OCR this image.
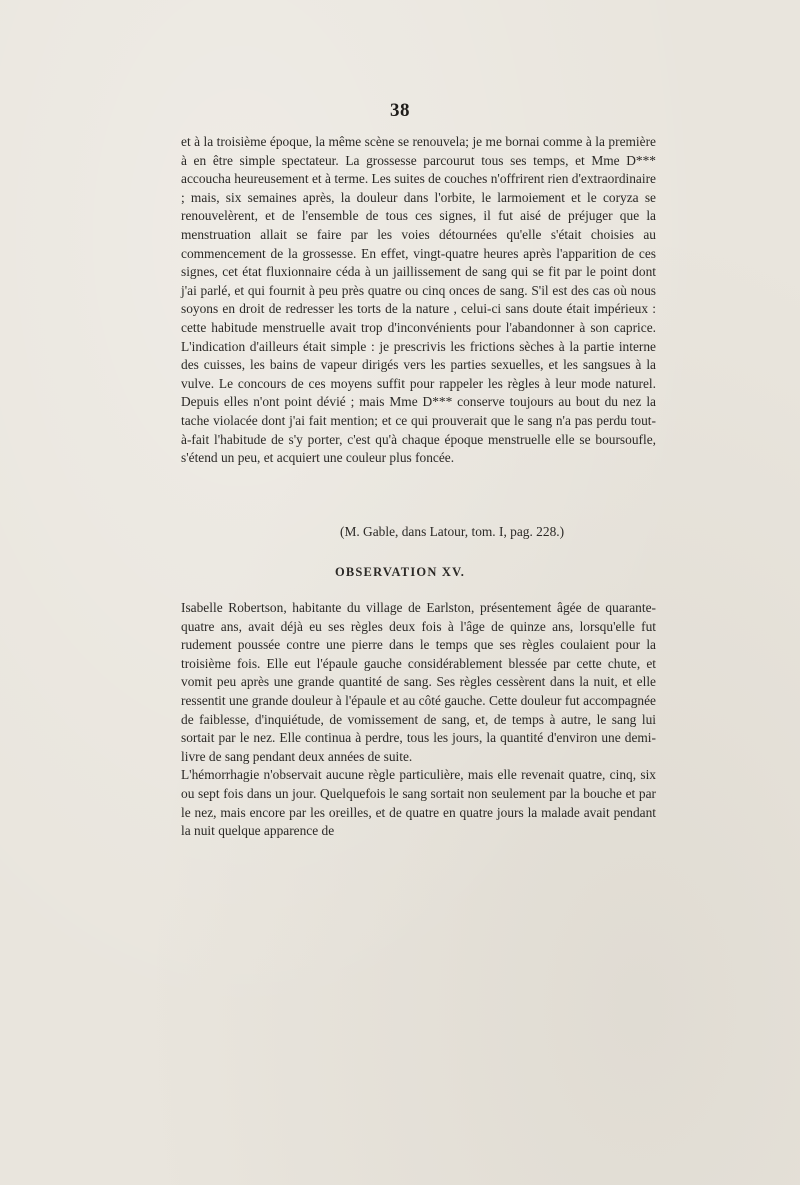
38

et à la troisième époque, la même scène se renouvela; je me bornai comme à la première à en être simple spectateur. La grossesse parcourut tous ses temps, et Mme D*** accoucha heureusement et à terme. Les suites de couches n'offrirent rien d'extraordinaire ; mais, six semaines après, la douleur dans l'orbite, le larmoiement et le coryza se renouvelèrent, et de l'ensemble de tous ces signes, il fut aisé de préjuger que la menstruation allait se faire par les voies détournées qu'elle s'était choisies au commencement de la grossesse. En effet, vingt-quatre heures après l'apparition de ces signes, cet état fluxionnaire céda à un jaillissement de sang qui se fit par le point dont j'ai parlé, et qui fournit à peu près quatre ou cinq onces de sang. S'il est des cas où nous soyons en droit de redresser les torts de la nature , celui-ci sans doute était impérieux : cette habitude menstruelle avait trop d'inconvénients pour l'abandonner à son caprice. L'indication d'ailleurs était simple : je prescrivis les frictions sèches à la partie interne des cuisses, les bains de vapeur dirigés vers les parties sexuelles, et les sangsues à la vulve. Le concours de ces moyens suffit pour rappeler les règles à leur mode naturel. Depuis elles n'ont point dévié ; mais Mme D*** conserve toujours au bout du nez la tache violacée dont j'ai fait mention; et ce qui prouverait que le sang n'a pas perdu tout-à-fait l'habitude de s'y porter, c'est qu'à chaque époque menstruelle elle se boursoufle, s'étend un peu, et acquiert une couleur plus foncée.

(M. Gable, dans Latour, tom. I, pag. 228.)
OBSERVATION XV.

Isabelle Robertson, habitante du village de Earlston, présentement âgée de quarante-quatre ans, avait déjà eu ses règles deux fois à l'âge de quinze ans, lorsqu'elle fut rudement poussée contre une pierre dans le temps que ses règles coulaient pour la troisième fois. Elle eut l'épaule gauche considérablement blessée par cette chute, et vomit peu après une grande quantité de sang. Ses règles cessèrent dans la nuit, et elle ressentit une grande douleur à l'épaule et au côté gauche. Cette douleur fut accompagnée de faiblesse, d'inquiétude, de vomissement de sang, et, de temps à autre, le sang lui sortait par le nez. Elle continua à perdre, tous les jours, la quantité d'environ une demi-livre de sang pendant deux années de suite.

L'hémorrhagie n'observait aucune règle particulière, mais elle revenait quatre, cinq, six ou sept fois dans un jour. Quelquefois le sang sortait non seulement par la bouche et par le nez, mais encore par les oreilles, et de quatre en quatre jours la malade avait pendant la nuit quelque apparence de
